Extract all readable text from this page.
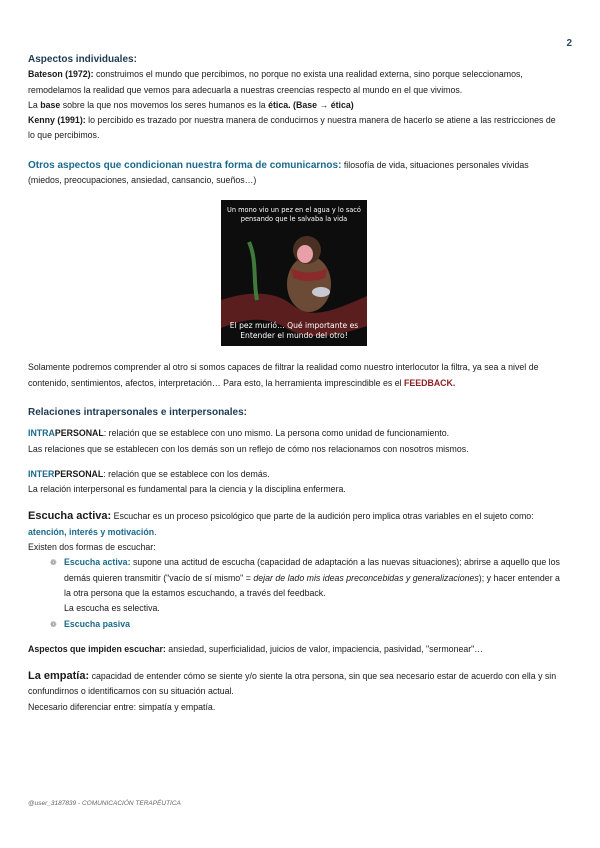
2

Aspectos individuales:

Bateson (1972): construimos el mundo que percibimos, no porque no exista una realidad externa, sino porque seleccionamos, remodelamos la realidad que vemos para adecuarla a nuestras creencias respecto al mundo en el que vivimos.

La base sobre la que nos movemos los seres humanos es la ética. (Base → ética)

Kenny (1991): lo percibido es trazado por nuestra manera de conducirnos y nuestra manera de hacerlo se atiene a las restricciones de lo que percibimos.

Otros aspectos que condicionan nuestra forma de comunicarnos: filosofía de vida, situaciones personales vividas (miedos, preocupaciones, ansiedad, cansancio, sueños…)

Un mono vio un pez en el agua y lo sacó pensando que le salvaba la vida
El pez murió… Qué importante es Entender el mundo del otro!

Solamente podremos comprender al otro si somos capaces de filtrar la realidad como nuestro interlocutor la filtra, ya sea a nivel de contenido, sentimientos, afectos, interpretación… Para esto, la herramienta imprescindible es el FEEDBACK.

Relaciones intrapersonales e interpersonales:

INTRAPERSONAL: relación que se establece con uno mismo. La persona como unidad de funcionamiento.

Las relaciones que se establecen con los demás son un reflejo de cómo nos relacionamos con nosotros mismos.

INTERPERSONAL: relación que se establece con los demás.

La relación interpersonal es fundamental para la ciencia y la disciplina enfermera.

Escucha activa: Escuchar es un proceso psicológico que parte de la audición pero implica otras variables en el sujeto como: atención, interés y motivación.

Existen dos formas de escuchar:

❁ Escucha activa: supone una actitud de escucha (capacidad de adaptación a las nuevas situaciones); abrirse a aquello que los demás quieren transmitir ("vacío de sí mismo" = dejar de lado mis ideas preconcebidas y generalizaciones); y hacer entender a la otra persona que la estamos escuchando, a través del feedback.

La escucha es selectiva.

❁ Escucha pasiva

Aspectos que impiden escuchar: ansiedad, superficialidad, juicios de valor, impaciencia, pasividad, "sermonear"…

La empatía: capacidad de entender cómo se siente y/o siente la otra persona, sin que sea necesario estar de acuerdo con ella y sin confundirnos o identificarnos con su situación actual.

Necesario diferenciar entre: simpatía y empatía.

@user_3187839 - COMUNICACIÓN TERAPÉUTICA
